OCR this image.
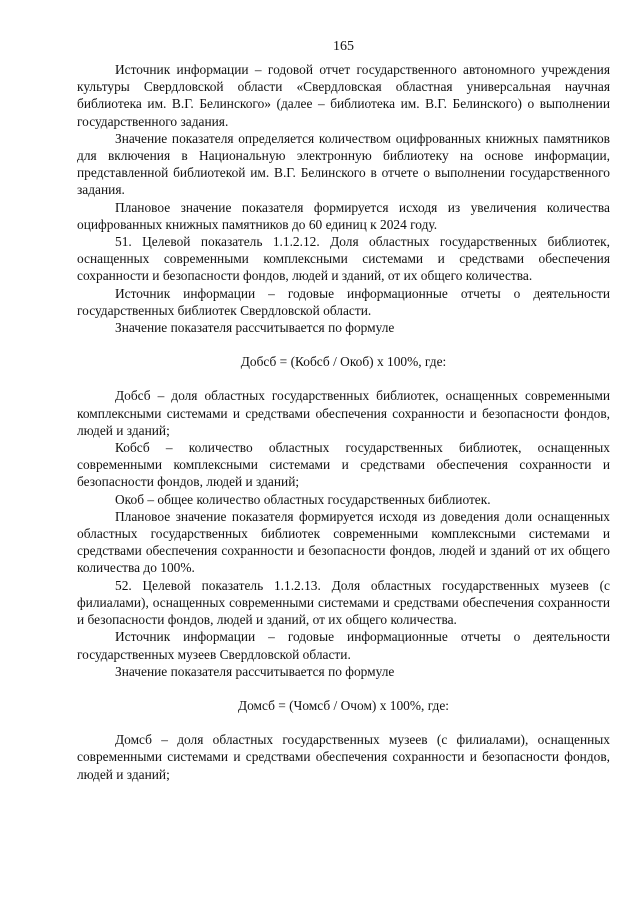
165

Источник информации – годовой отчет государственного автономного учреждения культуры Свердловской области «Свердловская областная универсальная научная библиотека им. В.Г. Белинского» (далее – библиотека им. В.Г. Белинского) о выполнении государственного задания.

Значение показателя определяется количеством оцифрованных книжных памятников для включения в Национальную электронную библиотеку на основе информации, представленной библиотекой им. В.Г. Белинского в отчете о выполнении государственного задания.

Плановое значение показателя формируется исходя из увеличения количества оцифрованных книжных памятников до 60 единиц к 2024 году.

51. Целевой показатель 1.1.2.12. Доля областных государственных библиотек, оснащенных современными комплексными системами и средствами обеспечения сохранности и безопасности фондов, людей и зданий, от их общего количества.

Источник информации – годовые информационные отчеты о деятельности государственных библиотек Свердловской области.

Значение показателя рассчитывается по формуле

Добсб = (Кобсб / Окоб) x 100%, где:

Добсб – доля областных государственных библиотек, оснащенных современными комплексными системами и средствами обеспечения сохранности и безопасности фондов, людей и зданий;

Кобсб – количество областных государственных библиотек, оснащенных современными комплексными системами и средствами обеспечения сохранности и безопасности фондов, людей и зданий;

Окоб – общее количество областных государственных библиотек.

Плановое значение показателя формируется исходя из доведения доли оснащенных областных государственных библиотек современными комплексными системами и средствами обеспечения сохранности и безопасности фондов, людей и зданий от их общего количества до 100%.

52. Целевой показатель 1.1.2.13. Доля областных государственных музеев (с филиалами), оснащенных современными системами и средствами обеспечения сохранности и безопасности фондов, людей и зданий, от их общего количества.

Источник информации – годовые информационные отчеты о деятельности государственных музеев Свердловской области.

Значение показателя рассчитывается по формуле

Домсб = (Чомсб / Очом) x 100%, где:

Домсб – доля областных государственных музеев (с филиалами), оснащенных современными системами и средствами обеспечения сохранности и безопасности фондов, людей и зданий;
